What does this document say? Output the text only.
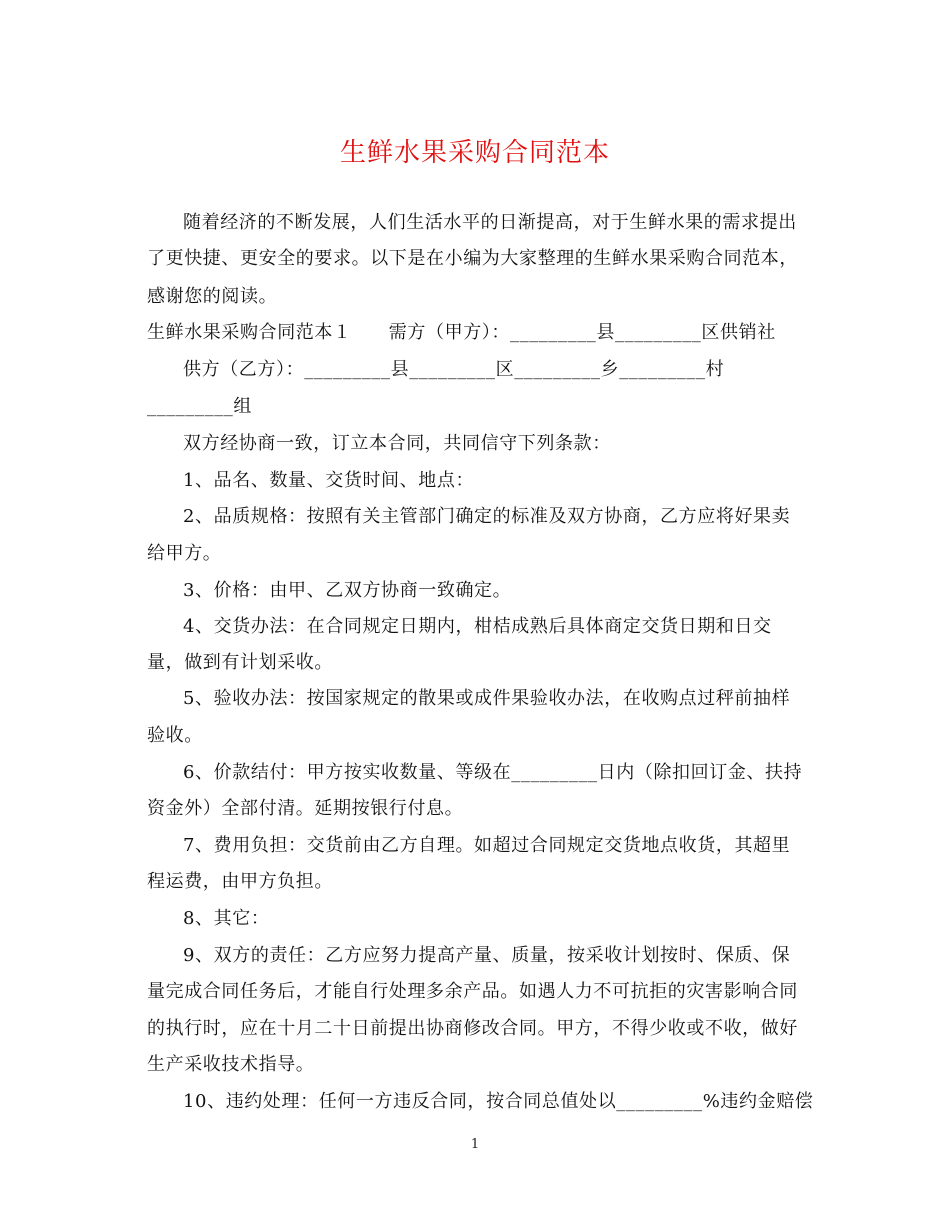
生鲜水果采购合同范本
随着经济的不断发展，人们生活水平的日渐提高，对于生鲜水果的需求提出
了更快捷、更安全的要求。以下是在小编为大家整理的生鲜水果采购合同范本，
感谢您的阅读。
生鲜水果采购合同范本１　　需方（甲方）：_________县_________区供销社
供方（乙方）：_________县_________区_________乡_________村
_________组
双方经协商一致，订立本合同，共同信守下列条款：
1、品名、数量、交货时间、地点：
2、品质规格：按照有关主管部门确定的标准及双方协商，乙方应将好果卖
给甲方。
3、价格：由甲、乙双方协商一致确定。
4、交货办法：在合同规定日期内，柑桔成熟后具体商定交货日期和日交
量，做到有计划采收。
5、验收办法：按国家规定的散果或成件果验收办法，在收购点过秤前抽样
验收。
6、价款结付：甲方按实收数量、等级在_________日内（除扣回订金、扶持
资金外）全部付清。延期按银行付息。
7、费用负担：交货前由乙方自理。如超过合同规定交货地点收货，其超里
程运费，由甲方负担。
8、其它：
9、双方的责任：乙方应努力提高产量、质量，按采收计划按时、保质、保
量完成合同任务后，才能自行处理多余产品。如遇人力不可抗拒的灾害影响合同
的执行时，应在十月二十日前提出协商修改合同。甲方，不得少收或不收，做好
生产采收技术指导。
10、违约处理：任何一方违反合同，按合同总值处以_________%违约金赔偿
1
